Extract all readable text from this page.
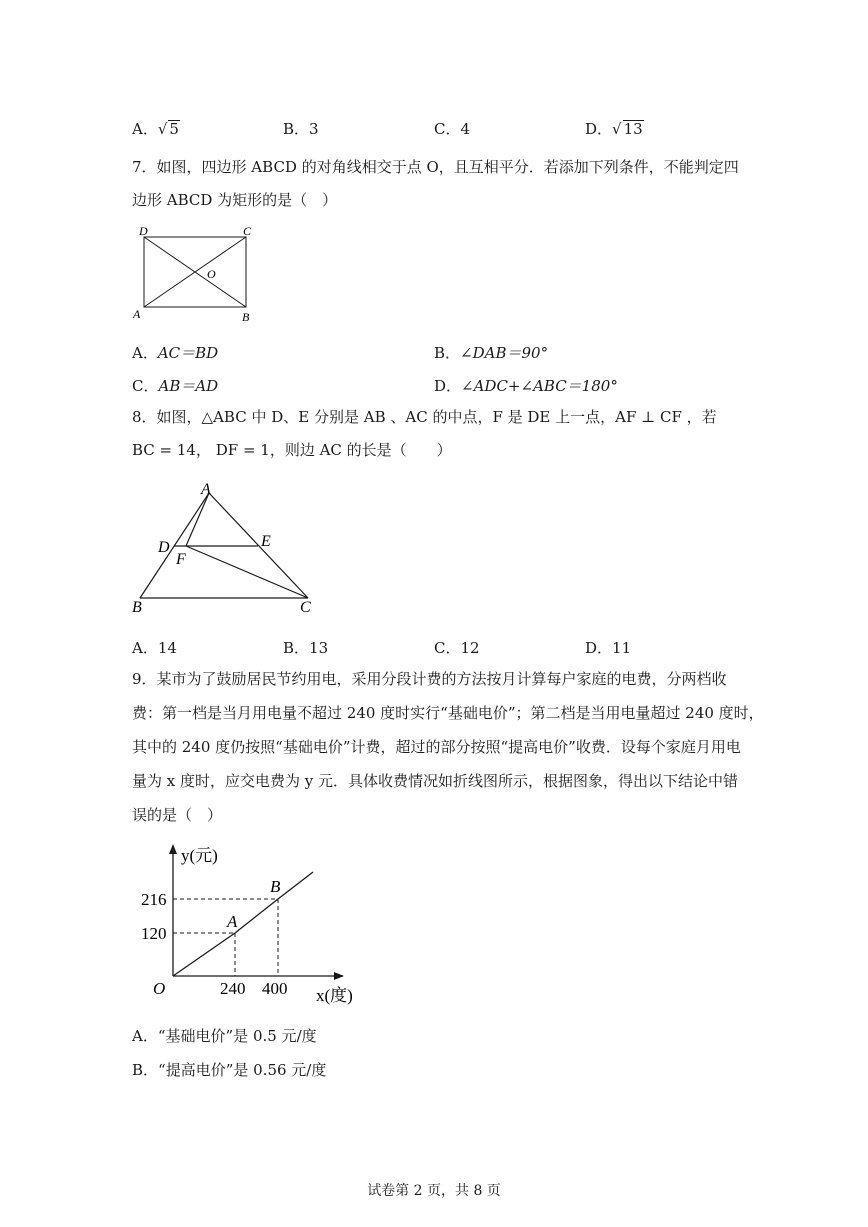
A．√ 5	B．3	C．4	D．√ 13
7．如图，四边形 ABCD 的对角线相交于点 O，且互相平分．若添加下列条件，不能判定四
边形 ABCD 为矩形的是（　）
D	C
O
A	B
A．AC＝BD	B．∠DAB＝90°
C．AB＝AD	D．∠ADC+∠ABC＝180°
8．如图，△ABC 中 D、E 分别是 AB 、AC 的中点，F 是 DE 上一点，AF ⊥ CF ，若
BC = 14， DF = 1，则边 AC 的长是（　　）
A
D	E
F
B	C
A．14	B．13	C．12	D．11
9．某市为了鼓励居民节约用电，采用分段计费的方法按月计算每户家庭的电费，分两档收
费：第一档是当月用电量不超过 240 度时实行“基础电价”；第二档是当用电量超过 240 度时，
其中的 240 度仍按照“基础电价”计费，超过的部分按照“提高电价”收费．设每个家庭月用电
量为 x 度时，应交电费为 y 元．具体收费情况如折线图所示，根据图象，得出以下结论中错
误的是（　）
y(元)
x(度)
O
216
120
240 400
A
B
A．“基础电价”是 0.5 元/度
B．“提高电价”是 0.56 元/度
试卷第 2 页，共 8 页
